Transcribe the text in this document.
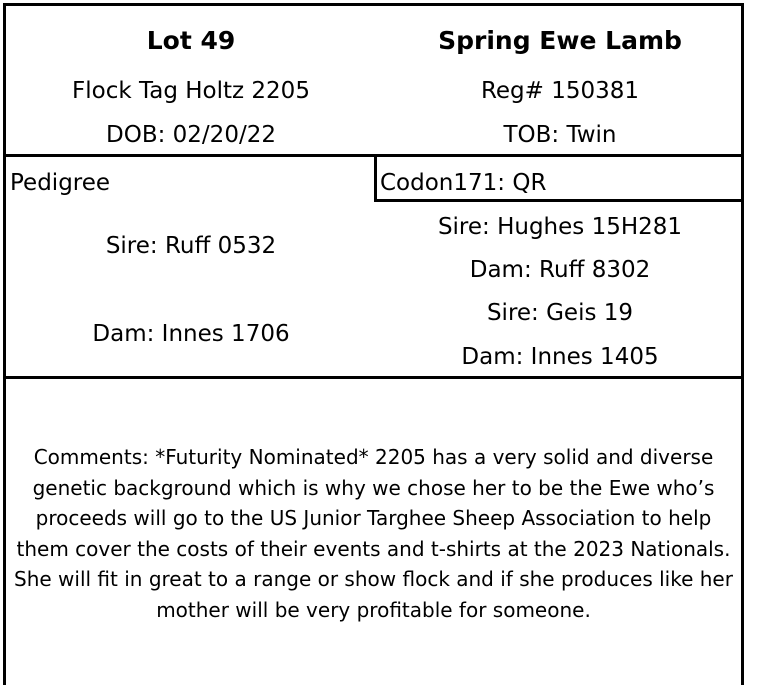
Lot 49	Spring Ewe Lamb
Flock Tag Holtz 2205	Reg# 150381
DOB: 02/20/22	TOB: Twin
Pedigree	Codon171: QR
Sire: Ruff 0532
Dam: Innes 1706
Sire: Hughes 15H281
Dam: Ruff 8302
Sire: Geis 19
Dam: Innes 1405
Comments: *Futurity Nominated* 2205 has a very solid and diverse
genetic background which is why we chose her to be the Ewe who’s
proceeds will go to the US Junior Targhee Sheep Association to help
them cover the costs of their events and t-shirts at the 2023 Nationals.
She will fit in great to a range or show flock and if she produces like her
mother will be very profitable for someone.
